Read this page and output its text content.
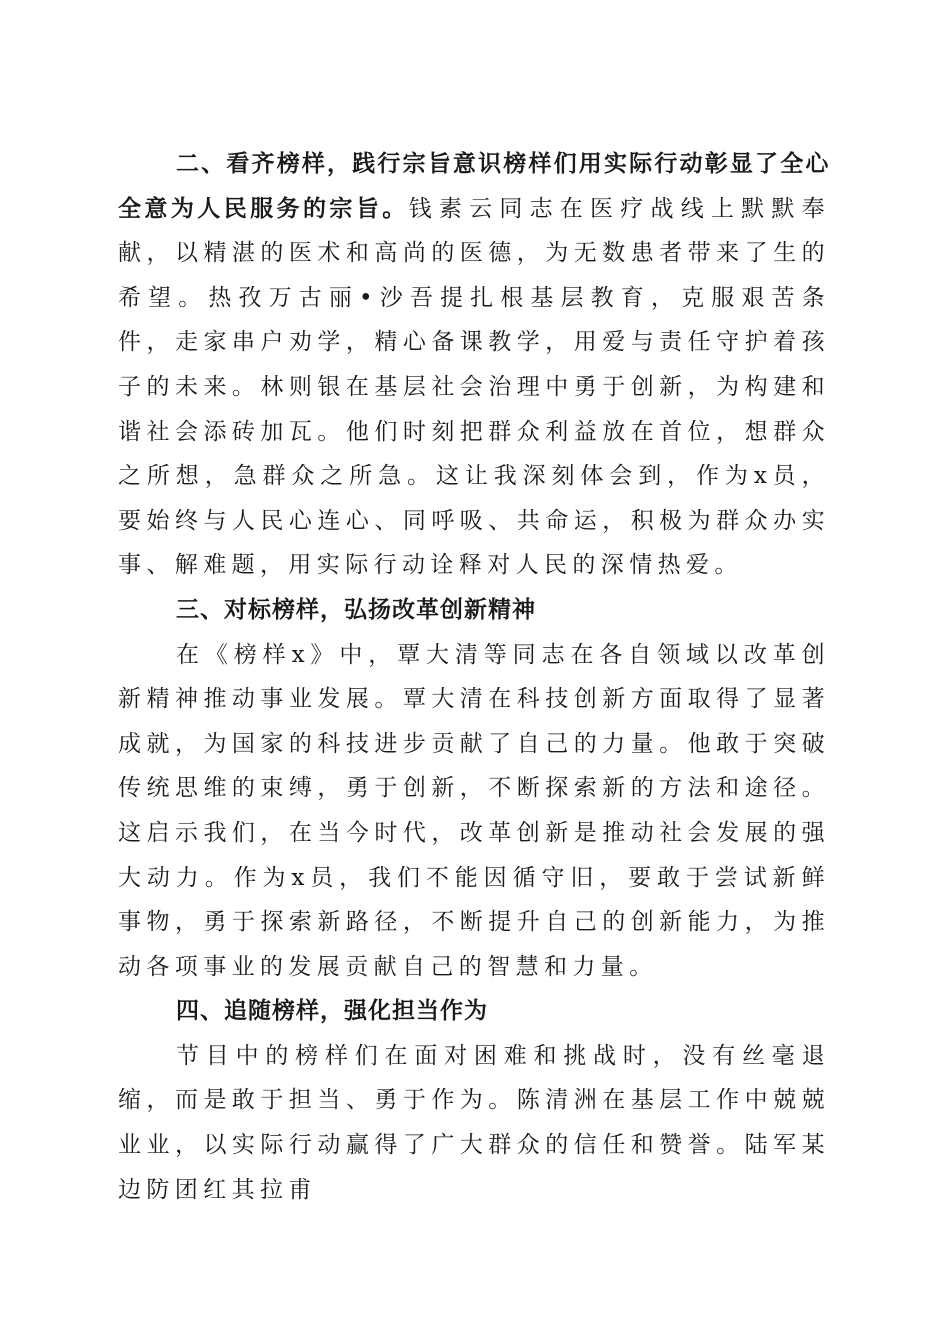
二、看齐榜样，践行宗旨意识榜样们用实际行动彰显了全心全意为人民服务的宗旨。钱素云同志在医疗战线上默默奉献，以精湛的医术和高尚的医德，为无数患者带来了生的希望。热孜万古丽•沙吾提扎根基层教育，克服艰苦条件，走家串户劝学，精心备课教学，用爱与责任守护着孩子的未来。林则银在基层社会治理中勇于创新，为构建和谐社会添砖加瓦。他们时刻把群众利益放在首位，想群众之所想，急群众之所急。这让我深刻体会到，作为x员，要始终与人民心连心、同呼吸、共命运，积极为群众办实事、解难题，用实际行动诠释对人民的深情热爱。

三、对标榜样，弘扬改革创新精神

在《榜样x》中，覃大清等同志在各自领域以改革创新精神推动事业发展。覃大清在科技创新方面取得了显著成就，为国家的科技进步贡献了自己的力量。他敢于突破传统思维的束缚，勇于创新，不断探索新的方法和途径。这启示我们，在当今时代，改革创新是推动社会发展的强大动力。作为x员，我们不能因循守旧，要敢于尝试新鲜事物，勇于探索新路径，不断提升自己的创新能力，为推动各项事业的发展贡献自己的智慧和力量。

四、追随榜样，强化担当作为

节目中的榜样们在面对困难和挑战时，没有丝毫退缩，而是敢于担当、勇于作为。陈清洲在基层工作中兢兢业业，以实际行动赢得了广大群众的信任和赞誉。陆军某边防团红其拉甫
